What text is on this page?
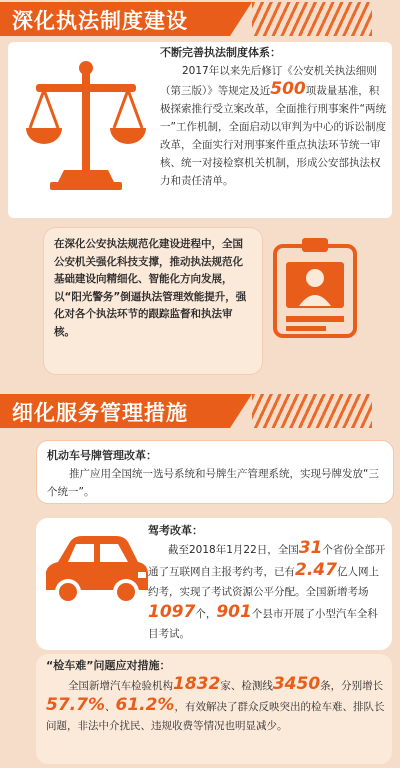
深化执法制度建设
不断完善执法制度体系：
2017年以来先后修订《公安机关执法细则（第三版）》等规定及近500项裁量基准，积极探索推行受立案改革，全面推行刑事案件“两统一”工作机制，全面启动以审判为中心的诉讼制度改革，全面实行对刑事案件重点执法环节统一审核、统一对接检察机关机制，形成公安部执法权力和责任清单。
在深化公安执法规范化建设进程中，全国公安机关强化科技支撑，推动执法规范化基础建设向精细化、智能化方向发展，以“阳光警务”倒逼执法管理效能提升，强化对各个执法环节的跟踪监督和执法审核。
细化服务管理措施
机动车号牌管理改革：
推广应用全国统一选号系统和号牌生产管理系统，实现号牌发放“三个统一”。
驾考改革：
截至2018年1月22日，全国31个省份全部开通了互联网自主报考约考，已有2.47亿人网上约考，实现了考试资源公平分配。全国新增考场1097个，901个县市开展了小型汽车全科目考试。
“检车难”问题应对措施：
全国新增汽车检验机构1832家、检测线3450条，分别增长57.7%、61.2%，有效解决了群众反映突出的检车难、排队长问题，非法中介扰民、违规收费等情况也明显减少。
